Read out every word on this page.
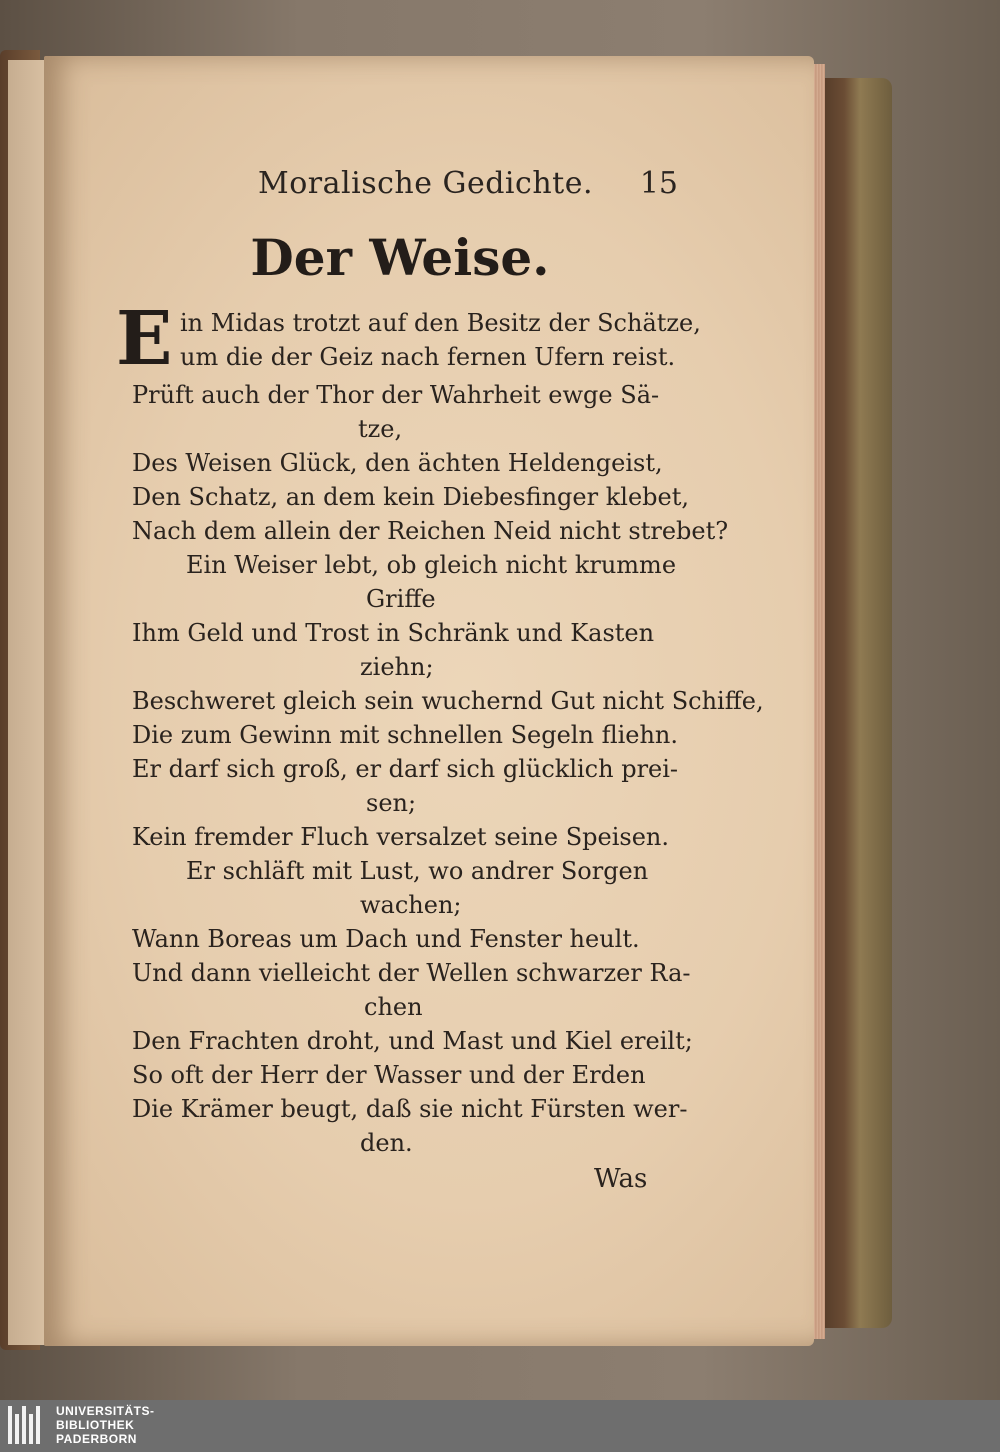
Moralische Gedichte.	15
Der Weise.
E in Midas trotzt auf den Besitz der Schätze,
um die der Geiz nach fernen Ufern reist.
Prüft auch der Thor der Wahrheit ewge Sä-
tze,
Des Weisen Glück, den ächten Heldengeist,
Den Schatz, an dem kein Diebesfinger klebet,
Nach dem allein der Reichen Neid nicht strebet?
Ein Weiser lebt, ob gleich nicht krumme
Griffe
Ihm Geld und Trost in Schränk und Kasten
ziehn;
Beschweret gleich sein wuchernd Gut nicht Schiffe,
Die zum Gewinn mit schnellen Segeln fliehn.
Er darf sich groß, er darf sich glücklich prei-
sen;
Kein fremder Fluch versalzet seine Speisen.
Er schläft mit Lust, wo andrer Sorgen
wachen;
Wann Boreas um Dach und Fenster heult.
Und dann vielleicht der Wellen schwarzer Ra-
chen
Den Frachten droht, und Mast und Kiel ereilt;
So oft der Herr der Wasser und der Erden
Die Krämer beugt, daß sie nicht Fürsten wer-
den.
Was
UNIVERSITÄTS-
BIBLIOTHEK
PADERBORN
